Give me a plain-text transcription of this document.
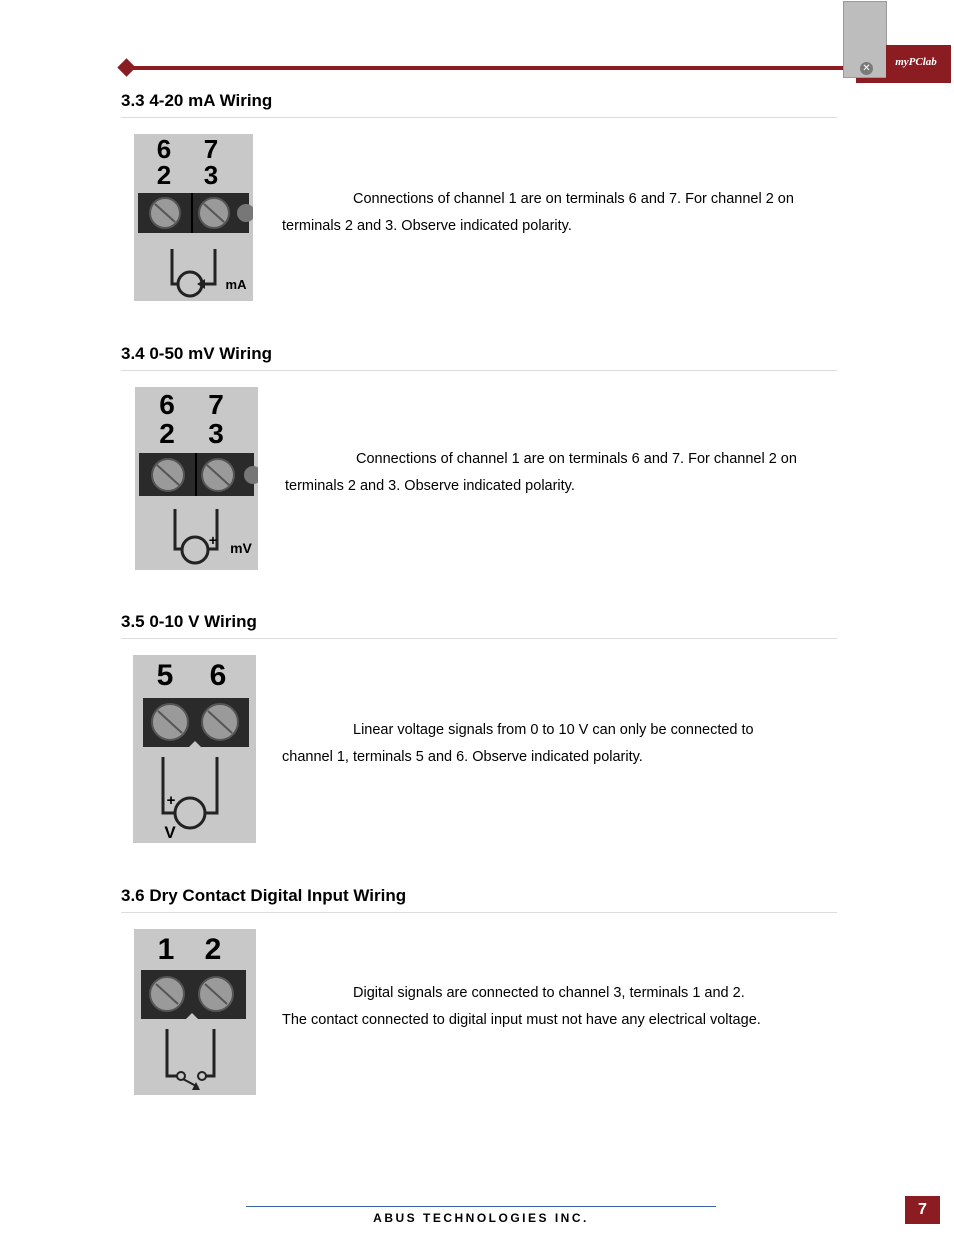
myPClab
✕
3.3 4-20 mA Wiring
6 7
2 3
mA

Connections of channel 1 are on terminals 6 and 7. For channel 2 on

terminals 2 and 3. Observe indicated polarity.

3.4 0-50 mV Wiring
6 7
2 3
+ mV

Connections of channel 1 are on terminals 6 and 7. For channel 2 on

terminals 2 and 3. Observe indicated polarity.

3.5 0-10 V Wiring
5 6
+
V

Linear voltage signals from 0 to 10 V can only be connected to

channel 1, terminals 5 and 6. Observe indicated polarity.

3.6 Dry Contact Digital Input Wiring
1 2

Digital signals are connected to channel 3, terminals 1 and 2.

The contact connected to digital input must not have any electrical voltage.

ABUS TECHNOLOGIES INC.	7
